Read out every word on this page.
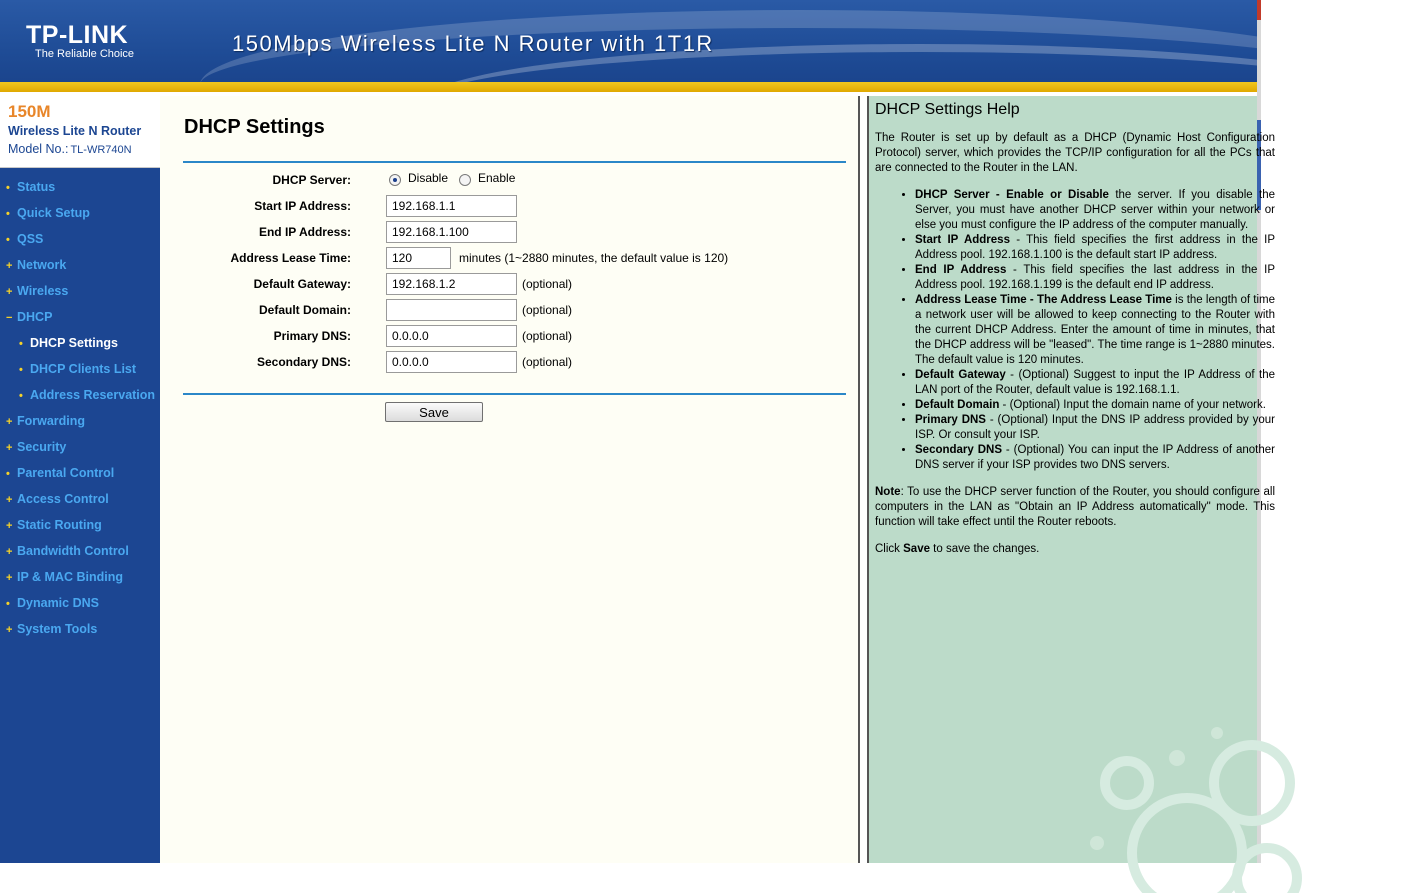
TP-LINK
The Reliable Choice	150Mbps Wireless Lite N Router with 1T1R
150M
Wireless Lite N Router
Model No.: TL-WR740N
• Status
• Quick Setup
• QSS
+ Network
+ Wireless
− DHCP
• DHCP Settings
• DHCP Clients List
• Address Reservation
+ Forwarding
+ Security
• Parental Control
+ Access Control
+ Static Routing
+ Bandwidth Control
+ IP & MAC Binding
• Dynamic DNS
+ System Tools
DHCP Settings
DHCP Server:	Disable Enable
Start IP Address:
192.168.1.1
End IP Address:
192.168.1.100
Address Lease Time:
120	minutes (1~2880 minutes, the default value is 120)
Default Gateway:
192.168.1.2	(optional)
Default Domain:	(optional)
Primary DNS:
0.0.0.0	(optional)
Secondary DNS:
0.0.0.0	(optional)
Save
DHCP Settings Help
The Router is set up by default as a DHCP (Dynamic Host Configuration Protocol) server, which provides the TCP/IP configuration for all the PCs that are connected to the Router in the LAN.
• DHCP Server - Enable or Disable the server. If you disable the Server, you must have another DHCP server within your network or else you must configure the IP address of the computer manually.
• Start IP Address - This field specifies the first address in the IP Address pool. 192.168.1.100 is the default start IP address.
• End IP Address - This field specifies the last address in the IP Address pool. 192.168.1.199 is the default end IP address.
• Address Lease Time - The Address Lease Time is the length of time a network user will be allowed to keep connecting to the Router with the current DHCP Address. Enter the amount of time in minutes, that the DHCP address will be "leased". The time range is 1~2880 minutes. The default value is 120 minutes.
• Default Gateway - (Optional) Suggest to input the IP Address of the LAN port of the Router, default value is 192.168.1.1.
• Default Domain - (Optional) Input the domain name of your network.
• Primary DNS - (Optional) Input the DNS IP address provided by your ISP. Or consult your ISP.
• Secondary DNS - (Optional) You can input the IP Address of another DNS server if your ISP provides two DNS servers.

Note: To use the DHCP server function of the Router, you should configure all computers in the LAN as "Obtain an IP Address automatically" mode. This function will take effect until the Router reboots.

Click Save to save the changes.
